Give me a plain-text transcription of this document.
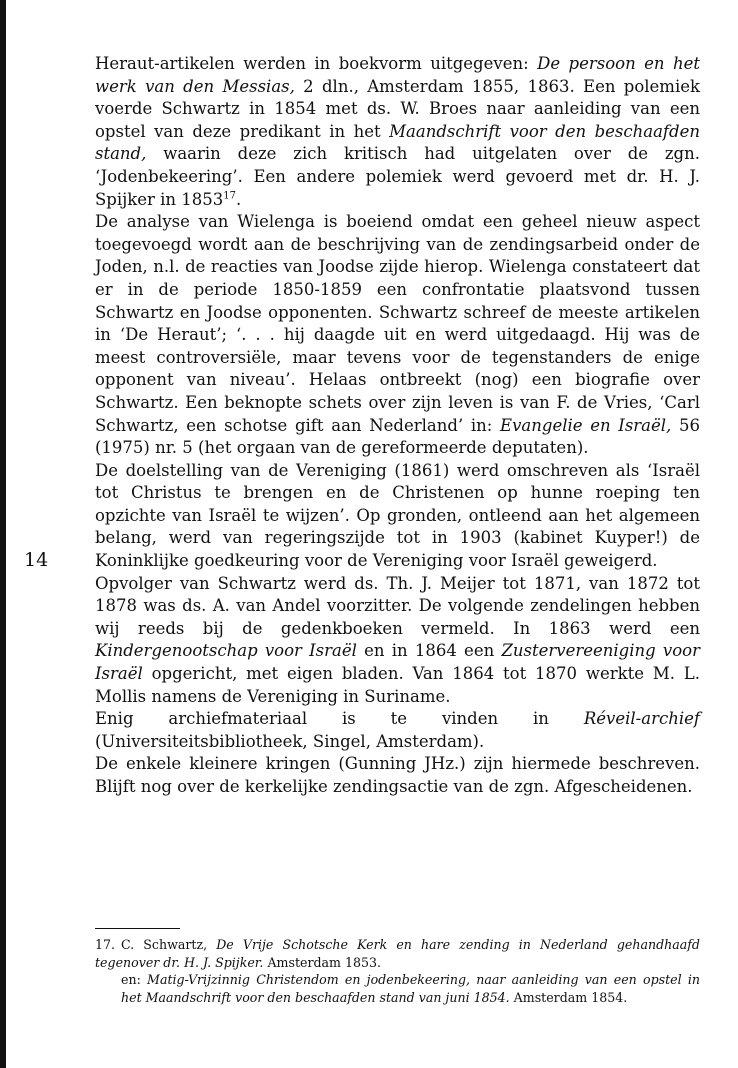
14

Heraut-artikelen werden in boekvorm uitgegeven: De persoon en het werk van den Messias, 2 dln., Amsterdam 1855, 1863. Een polemiek voerde Schwartz in 1854 met ds. W. Broes naar aanleiding van een opstel van deze predikant in het Maandschrift voor den beschaafden stand, waarin deze zich kritisch had uitgelaten over de zgn. ‘Jodenbekeering’. Een andere polemiek werd gevoerd met dr. H. J. Spijker in 1853$^{17}$.

De analyse van Wielenga is boeiend omdat een geheel nieuw aspect toegevoegd wordt aan de beschrijving van de zendingsarbeid onder de Joden, n.l. de reacties van Joodse zijde hierop. Wielenga constateert dat er in de periode 1850-1859 een confrontatie plaatsvond tussen Schwartz en Joodse opponenten. Schwartz schreef de meeste artikelen in ‘De Heraut’; ‘. . . hij daagde uit en werd uitgedaagd. Hij was de meest controversiële, maar tevens voor de tegenstanders de enige opponent van niveau’. Helaas ontbreekt (nog) een biografie over Schwartz. Een beknopte schets over zijn leven is van F. de Vries, ‘Carl Schwartz, een schotse gift aan Nederland’ in: Evangelie en Israël, 56 (1975) nr. 5 (het orgaan van de gereformeerde deputaten).

De doelstelling van de Vereniging (1861) werd omschreven als ‘Israël tot Christus te brengen en de Christenen op hunne roeping ten opzichte van Israël te wijzen’. Op gronden, ontleend aan het algemeen belang, werd van regeringszijde tot in 1903 (kabinet Kuyper!) de Koninklijke goedkeuring voor de Vereniging voor Israël geweigerd.

Opvolger van Schwartz werd ds. Th. J. Meijer tot 1871, van 1872 tot 1878 was ds. A. van Andel voorzitter. De volgende zendelingen hebben wij reeds bij de gedenkboeken vermeld. In 1863 werd een Kindergenootschap voor Israël en in 1864 een Zustervereeniging voor Israël opgericht, met eigen bladen. Van 1864 tot 1870 werkte M. L. Mollis namens de Vereniging in Suriname.

Enig archiefmateriaal is te vinden in Réveil-archief (Universiteitsbibliotheek, Singel, Amsterdam).

De enkele kleinere kringen (Gunning JHz.) zijn hiermede beschreven. Blijft nog over de kerkelijke zendingsactie van de zgn. Afgescheidenen.

17. C. Schwartz, De Vrije Schotsche Kerk en hare zending in Nederland gehandhaafd tegenover dr. H. J. Spijker. Amsterdam 1853.

en: Matig-Vrijzinnig Christendom en jodenbekeering, naar aanleiding van een opstel in het Maandschrift voor den beschaafden stand van juni 1854. Amsterdam 1854.
